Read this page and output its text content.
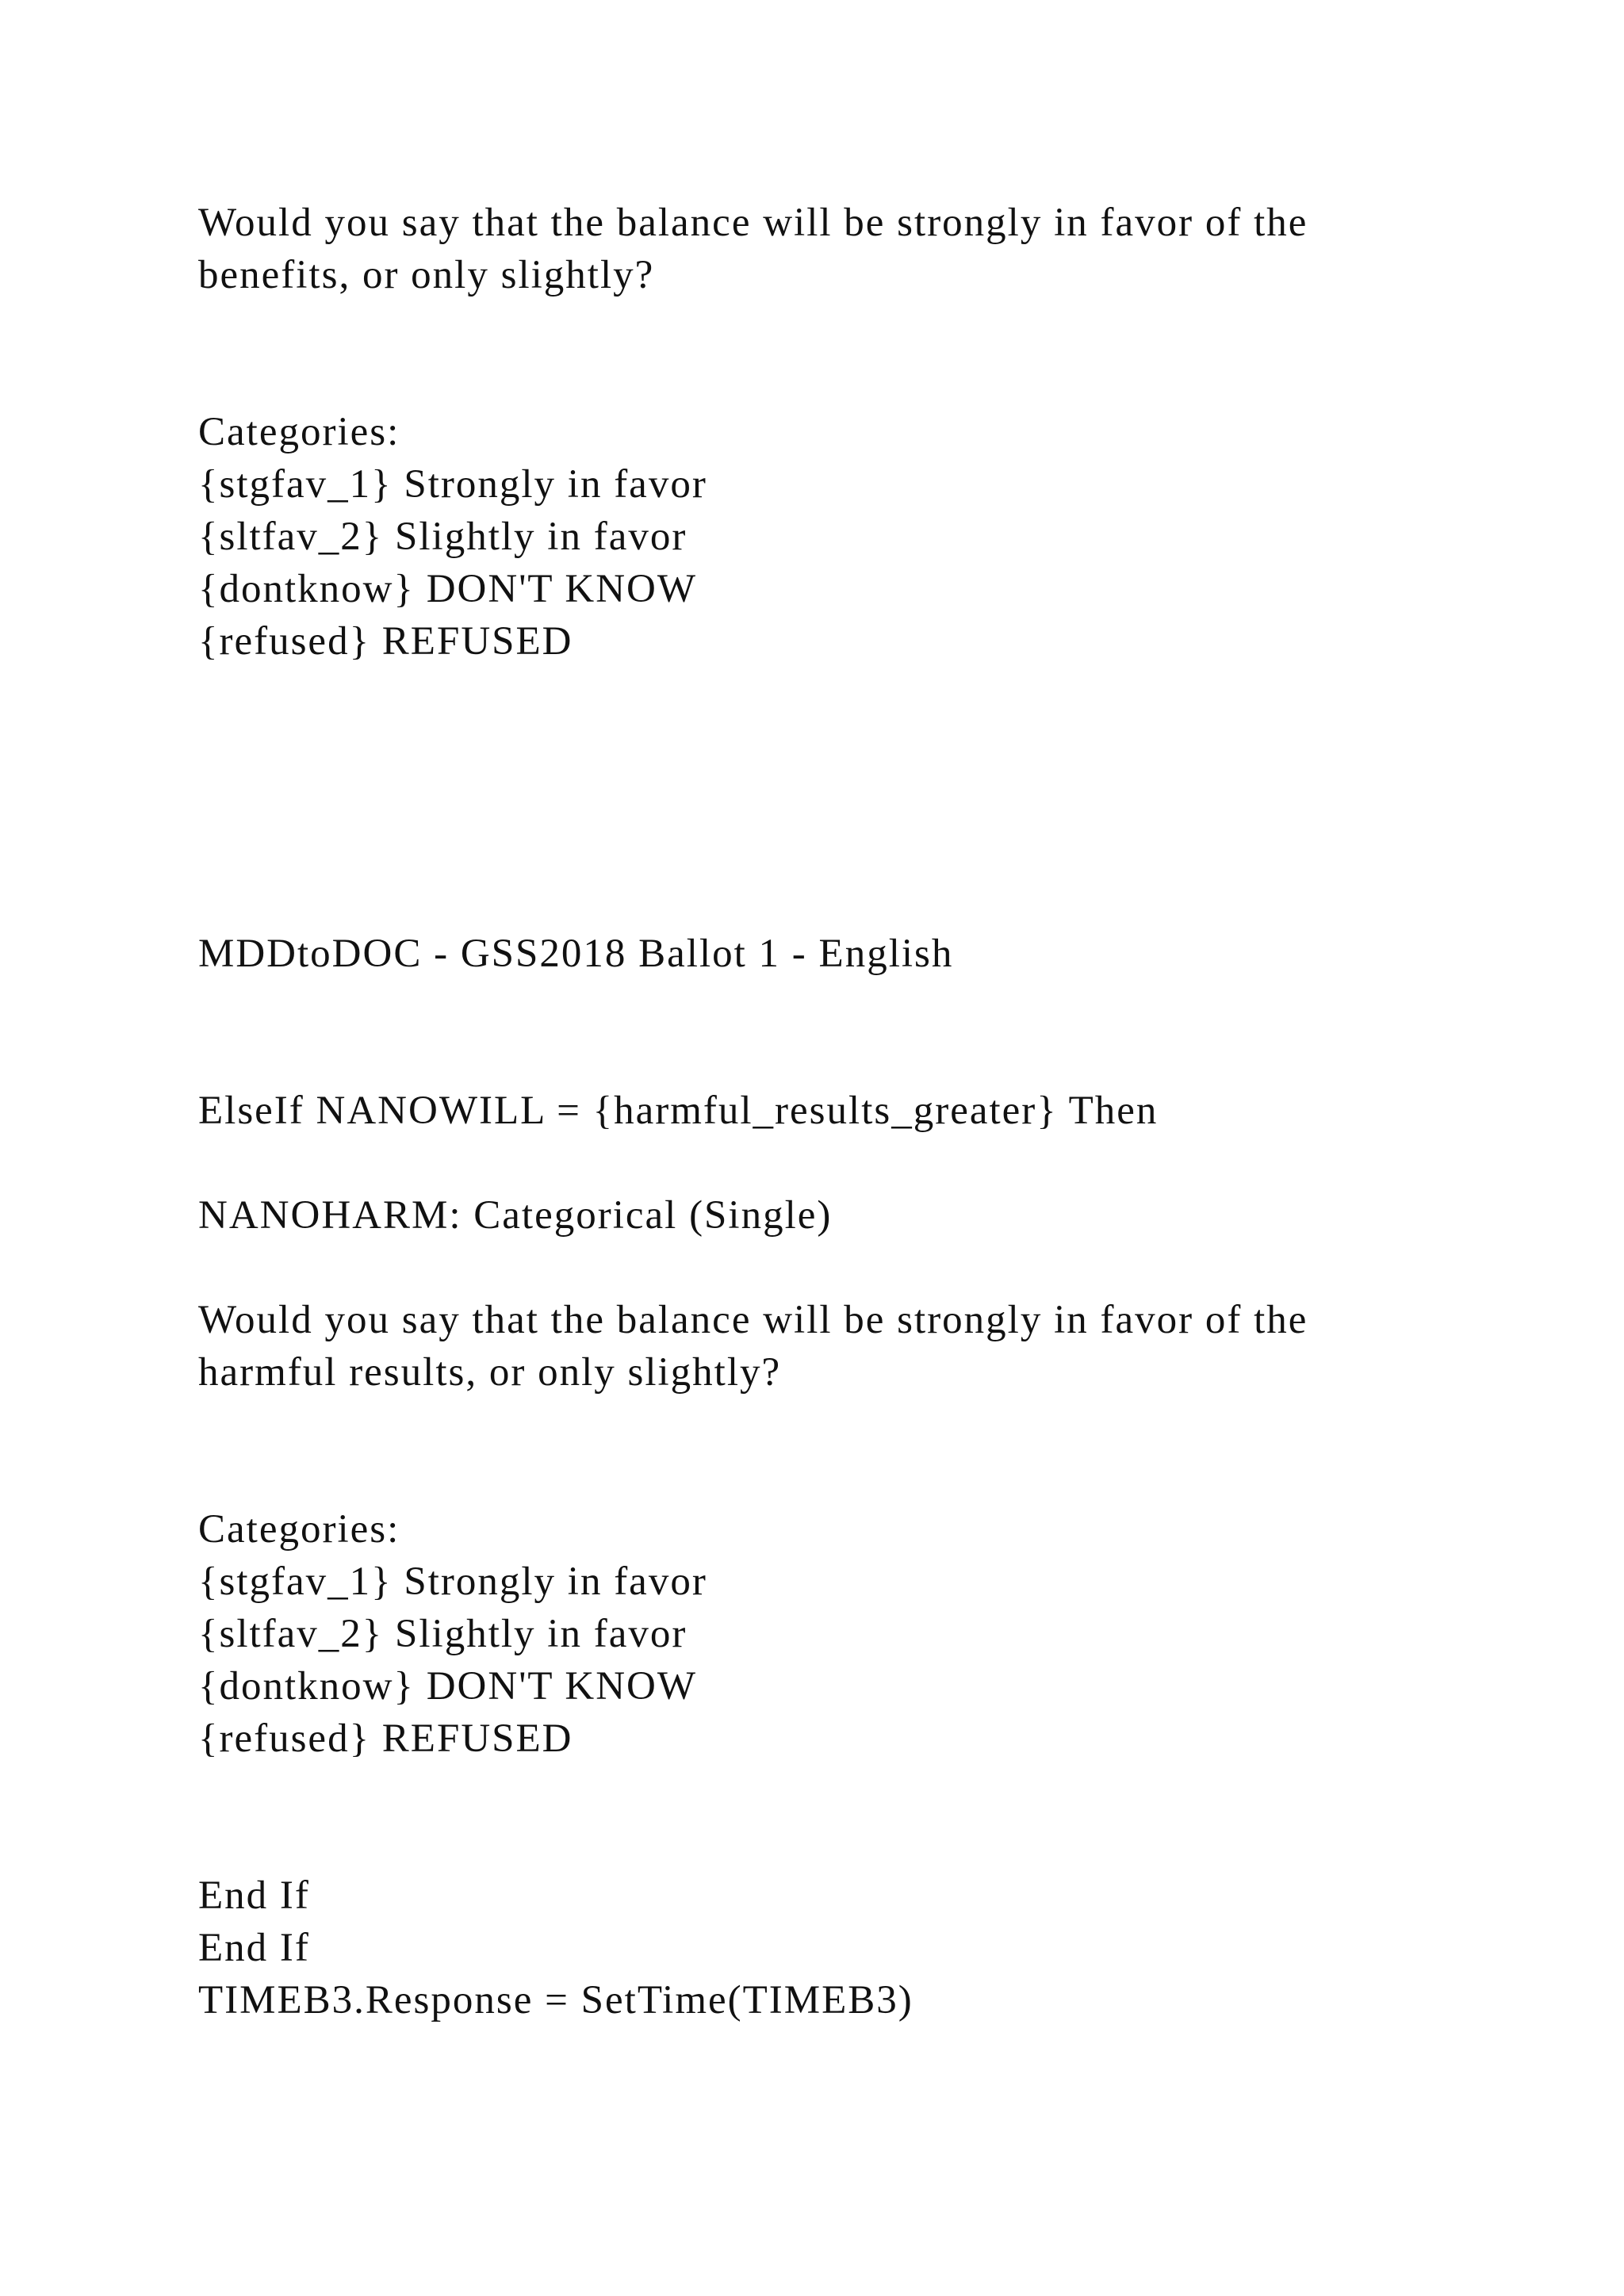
Would you say that the balance will be strongly in favor of the benefits, or only slightly?

Categories:

{stgfav_1} Strongly in favor

{sltfav_2} Slightly in favor

{dontknow} DON'T KNOW

{refused} REFUSED

MDDtoDOC - GSS2018 Ballot 1 - English

ElseIf NANOWILL = {harmful_results_greater} Then

NANOHARM: Categorical (Single)

Would you say that the balance will be strongly in favor of the harmful results, or only slightly?

Categories:

{stgfav_1} Strongly in favor

{sltfav_2} Slightly in favor

{dontknow} DON'T KNOW

{refused} REFUSED

End If

End If

TIMEB3.Response = SetTime(TIMEB3)
